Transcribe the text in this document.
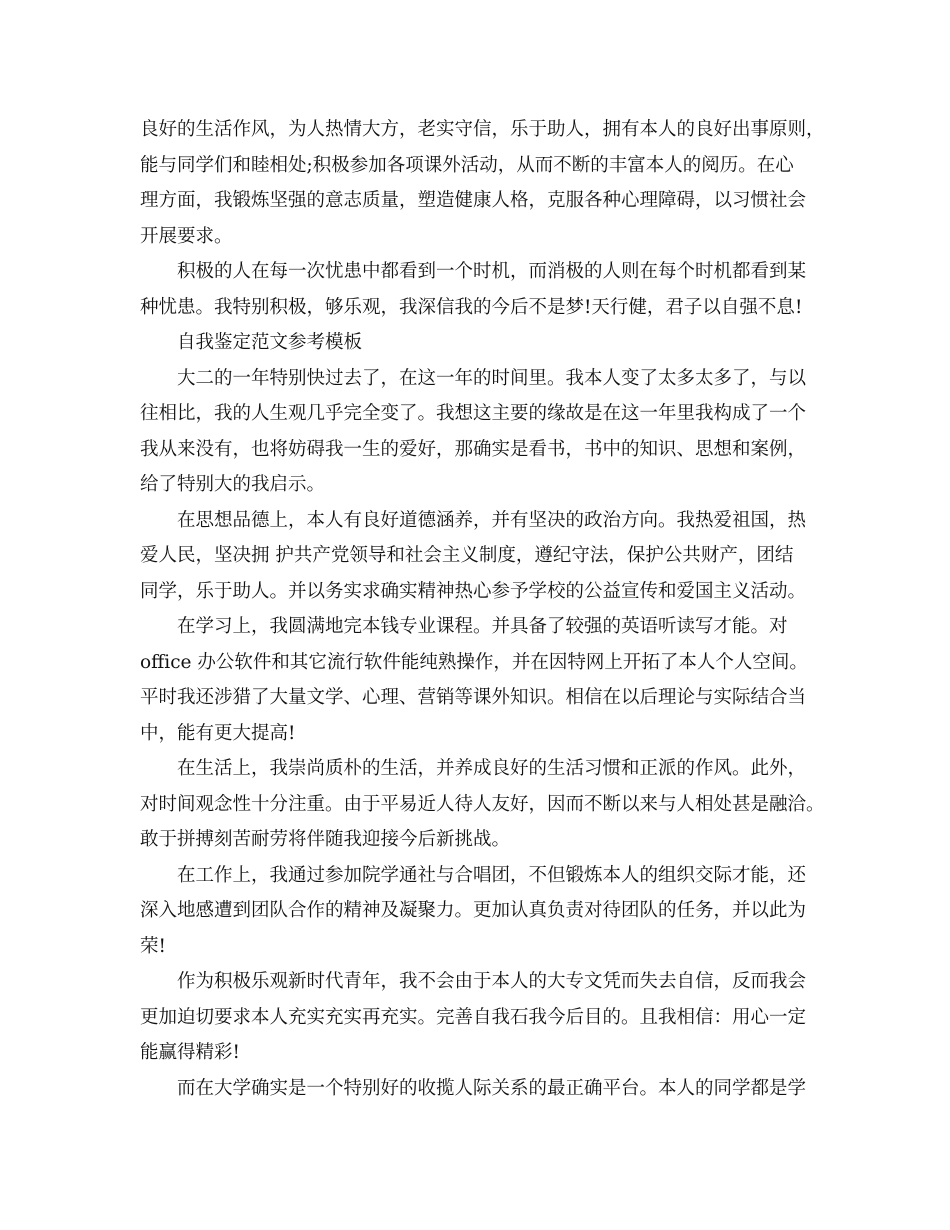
良好的生活作风，为人热情大方，老实守信，乐于助人，拥有本人的良好出事原则，
能与同学们和睦相处;积极参加各项课外活动，从而不断的丰富本人的阅历。在心
理方面，我锻炼坚强的意志质量，塑造健康人格，克服各种心理障碍，以习惯社会
开展要求。
积极的人在每一次忧患中都看到一个时机，而消极的人则在每个时机都看到某
种忧患。我特别积极，够乐观，我深信我的今后不是梦!天行健，君子以自强不息!
自我鉴定范文参考模板
大二的一年特别快过去了，在这一年的时间里。我本人变了太多太多了，与以
往相比，我的人生观几乎完全变了。我想这主要的缘故是在这一年里我构成了一个
我从来没有，也将妨碍我一生的爱好，那确实是看书，书中的知识、思想和案例，
给了特别大的我启示。
在思想品德上，本人有良好道德涵养，并有坚决的政治方向。我热爱祖国，热
爱人民，坚决拥 护共产党领导和社会主义制度，遵纪守法，保护公共财产，团结
同学，乐于助人。并以务实求确实精神热心参予学校的公益宣传和爱国主义活动。
在学习上，我圆满地完本钱专业课程。并具备了较强的英语听读写才能。对
office 办公软件和其它流行软件能纯熟操作，并在因特网上开拓了本人个人空间。
平时我还涉猎了大量文学、心理、营销等课外知识。相信在以后理论与实际结合当
中，能有更大提高!
在生活上，我崇尚质朴的生活，并养成良好的生活习惯和正派的作风。此外，
对时间观念性十分注重。由于平易近人待人友好，因而不断以来与人相处甚是融洽。
敢于拼搏刻苦耐劳将伴随我迎接今后新挑战。
在工作上，我通过参加院学通社与合唱团，不但锻炼本人的组织交际才能，还
深入地感遭到团队合作的精神及凝聚力。更加认真负责对待团队的任务，并以此为
荣!
作为积极乐观新时代青年，我不会由于本人的大专文凭而失去自信，反而我会
更加迫切要求本人充实充实再充实。完善自我石我今后目的。且我相信：用心一定
能赢得精彩!
而在大学确实是一个特别好的收揽人际关系的最正确平台。本人的同学都是学
